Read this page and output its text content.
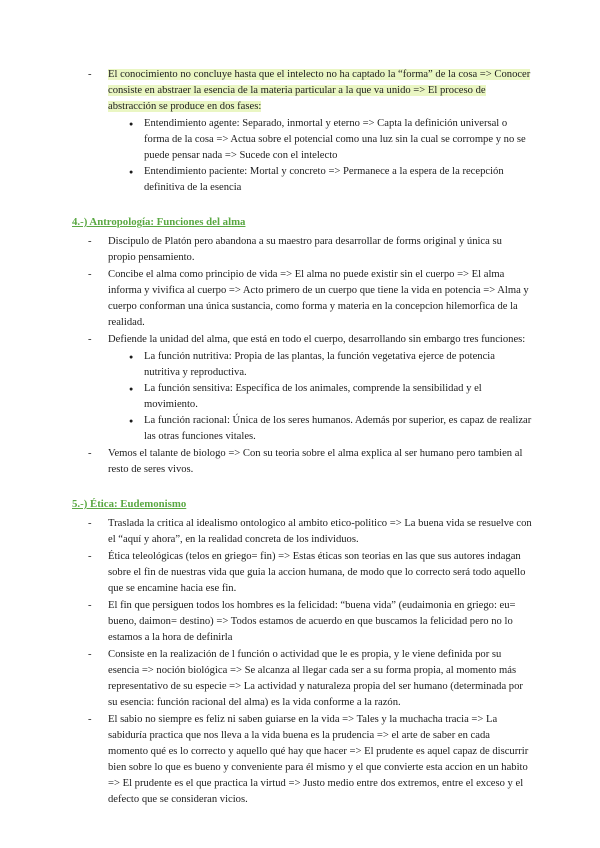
- El conocimiento no concluye hasta que el intelecto no ha captado la “forma” de la cosa => Conocer consiste en abstraer la esencia de la materia particular a la que va unido => El proceso de abstracción se produce en dos fases:
● Entendimiento agente: Separado, inmortal y eterno => Capta la definición universal o forma de la cosa => Actua sobre el potencial como una luz sin la cual se corrompe y no se puede pensar nada => Sucede con el intelecto
● Entendimiento paciente: Mortal y concreto => Permanece a la espera de la recepción definitiva de la esencia
4.-) Antropología: Funciones del alma
- Discipulo de Platón pero abandona a su maestro para desarrollar de forms original y única su propio pensamiento.
- Concibe el alma como principio de vida => El alma no puede existir sin el cuerpo => El alma informa y vivifica al cuerpo => Acto primero de un cuerpo que tiene la vida en potencia => Alma y cuerpo conforman una única sustancia, como forma y materia en la concepcion hilemorfica de la realidad.
- Defiende la unidad del alma, que está en todo el cuerpo, desarrollando sin embargo tres funciones:
● La función nutritiva: Propia de las plantas, la función vegetativa ejerce de potencia nutritiva y reproductiva.
● La función sensitiva: Específica de los animales, comprende la sensibilidad y el movimiento.
● La función racional: Única de los seres humanos. Además por superior, es capaz de realizar las otras funciones vitales.
- Vemos el talante de biologo => Con su teoria sobre el alma explica al ser humano pero tambien al resto de seres vivos.
5.-) Ética: Eudemonismo
- Traslada la critica al idealismo ontologico al ambito etico-politico => La buena vida se resuelve con el “aquí y ahora”, en la realidad concreta de los individuos.
- Ética teleológicas (telos en griego= fin) => Estas éticas son teorias en las que sus autores indagan sobre el fin de nuestras vida que guia la accion humana, de modo que lo correcto será todo aquello que se encamine hacia ese fin.
- El fin que persiguen todos los hombres es la felicidad: “buena vida” (eudaimonia en griego: eu= bueno, daimon= destino) => Todos estamos de acuerdo en que buscamos la felicidad pero no lo estamos a la hora de definirla
- Consiste en la realización de l función o actividad que le es propia, y le viene definida por su esencia => noción biológica => Se alcanza al llegar cada ser a su forma propia, al momento más representativo de su especie => La actividad y naturaleza propia del ser humano (determinada por su esencia: función racional del alma) es la vida conforme a la razón.
- El sabio no siempre es feliz ni saben guiarse en la vida => Tales y la muchacha tracia => La sabiduría practica que nos lleva a la vida buena es la prudencia => el arte de saber en cada momento qué es lo correcto y aquello qué hay que hacer => El prudente es aquel capaz de discurrir bien sobre lo que es bueno y conveniente para él mismo y el que convierte esta accion en un habito => El prudente es el que practica la virtud => Justo medio entre dos extremos, entre el exceso y el defecto que se consideran vicios.
